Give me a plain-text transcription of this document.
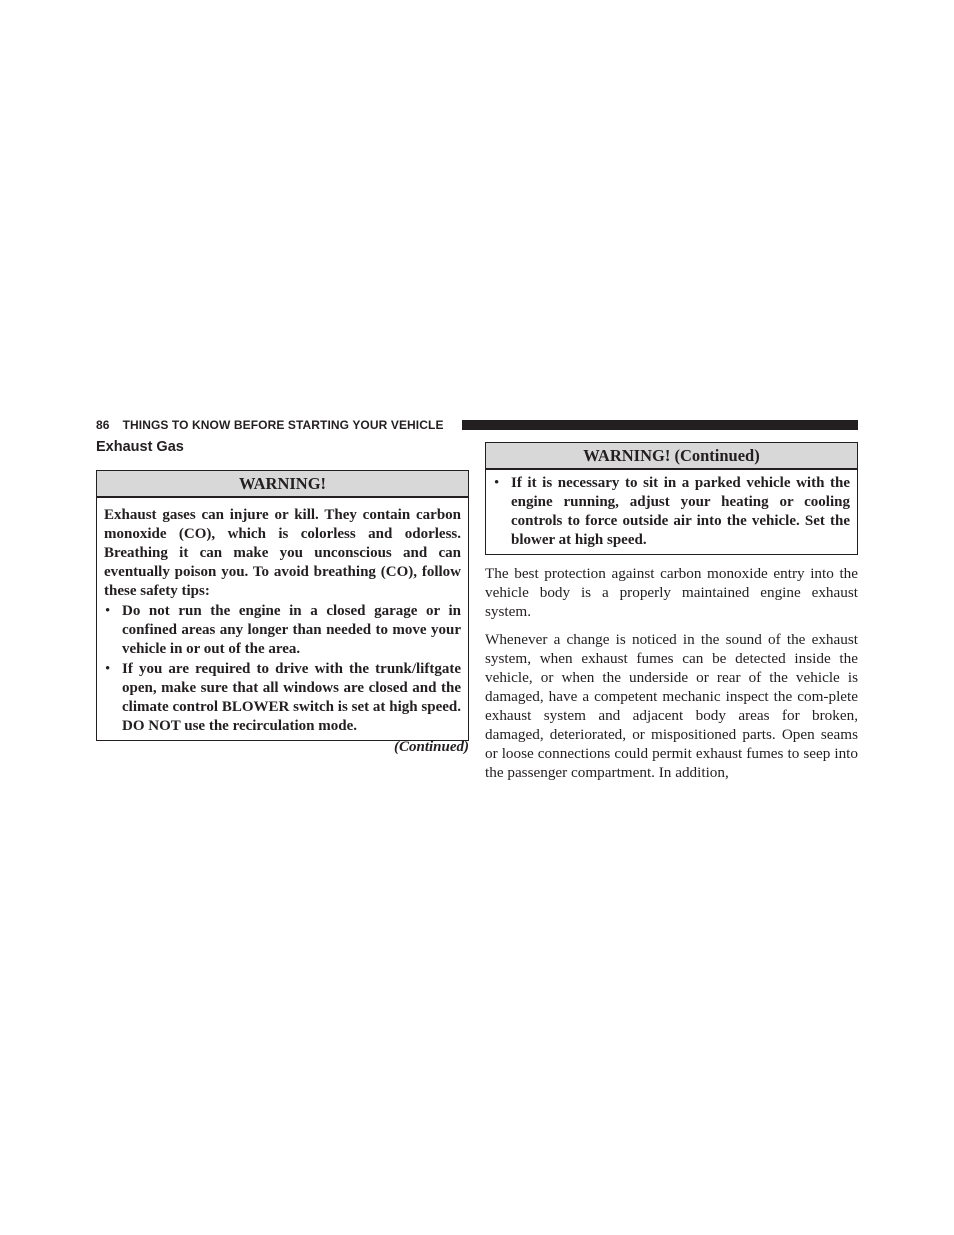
86 THINGS TO KNOW BEFORE STARTING YOUR VEHICLE
Exhaust Gas
WARNING!

Exhaust gases can injure or kill. They contain carbon monoxide (CO), which is colorless and odorless. Breathing it can make you unconscious and can eventually poison you. To avoid breathing (CO), follow these safety tips:

• Do not run the engine in a closed garage or in confined areas any longer than needed to move your vehicle in or out of the area.
• If you are required to drive with the trunk/liftgate open, make sure that all windows are closed and the climate control BLOWER switch is set at high speed. DO NOT use the recirculation mode.
(Continued)
WARNING! (Continued)
• If it is necessary to sit in a parked vehicle with the engine running, adjust your heating or cooling controls to force outside air into the vehicle. Set the blower at high speed.

The best protection against carbon monoxide entry into the vehicle body is a properly maintained engine exhaust system.

Whenever a change is noticed in the sound of the exhaust system, when exhaust fumes can be detected inside the vehicle, or when the underside or rear of the vehicle is damaged, have a competent mechanic inspect the com-plete exhaust system and adjacent body areas for broken, damaged, deteriorated, or mispositioned parts. Open seams or loose connections could permit exhaust fumes to seep into the passenger compartment. In addition,
